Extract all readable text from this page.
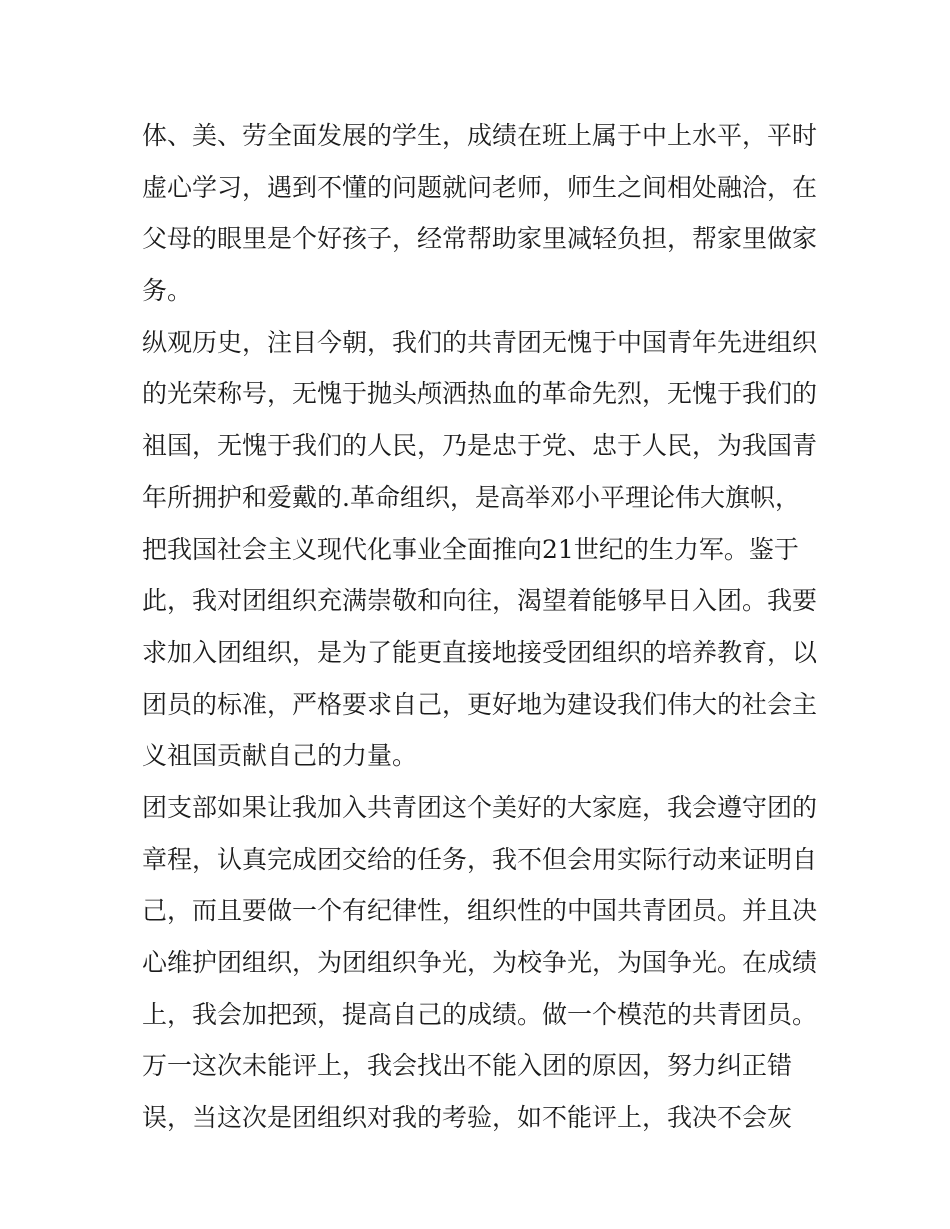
体、美、劳全面发展的学生，成绩在班上属于中上水平，平时
虚心学习，遇到不懂的问题就问老师，师生之间相处融洽，在
父母的眼里是个好孩子，经常帮助家里减轻负担，帮家里做家
务。
纵观历史，注目今朝，我们的共青团无愧于中国青年先进组织
的光荣称号，无愧于抛头颅洒热血的革命先烈，无愧于我们的
祖国，无愧于我们的人民，乃是忠于党、忠于人民，为我国青
年所拥护和爱戴的.革命组织，是高举邓小平理论伟大旗帜，
把我国社会主义现代化事业全面推向21世纪的生力军。鉴于
此，我对团组织充满崇敬和向往，渴望着能够早日入团。我要
求加入团组织，是为了能更直接地接受团组织的培养教育，以
团员的标准，严格要求自己，更好地为建设我们伟大的社会主
义祖国贡献自己的力量。
团支部如果让我加入共青团这个美好的大家庭，我会遵守团的
章程，认真完成团交给的任务，我不但会用实际行动来证明自
己，而且要做一个有纪律性，组织性的中国共青团员。并且决
心维护团组织，为团组织争光，为校争光，为国争光。在成绩
上，我会加把颈，提高自己的成绩。做一个模范的共青团员。
万一这次未能评上，我会找出不能入团的原因，努力纠正错
误，当这次是团组织对我的考验，如不能评上，我决不会灰
